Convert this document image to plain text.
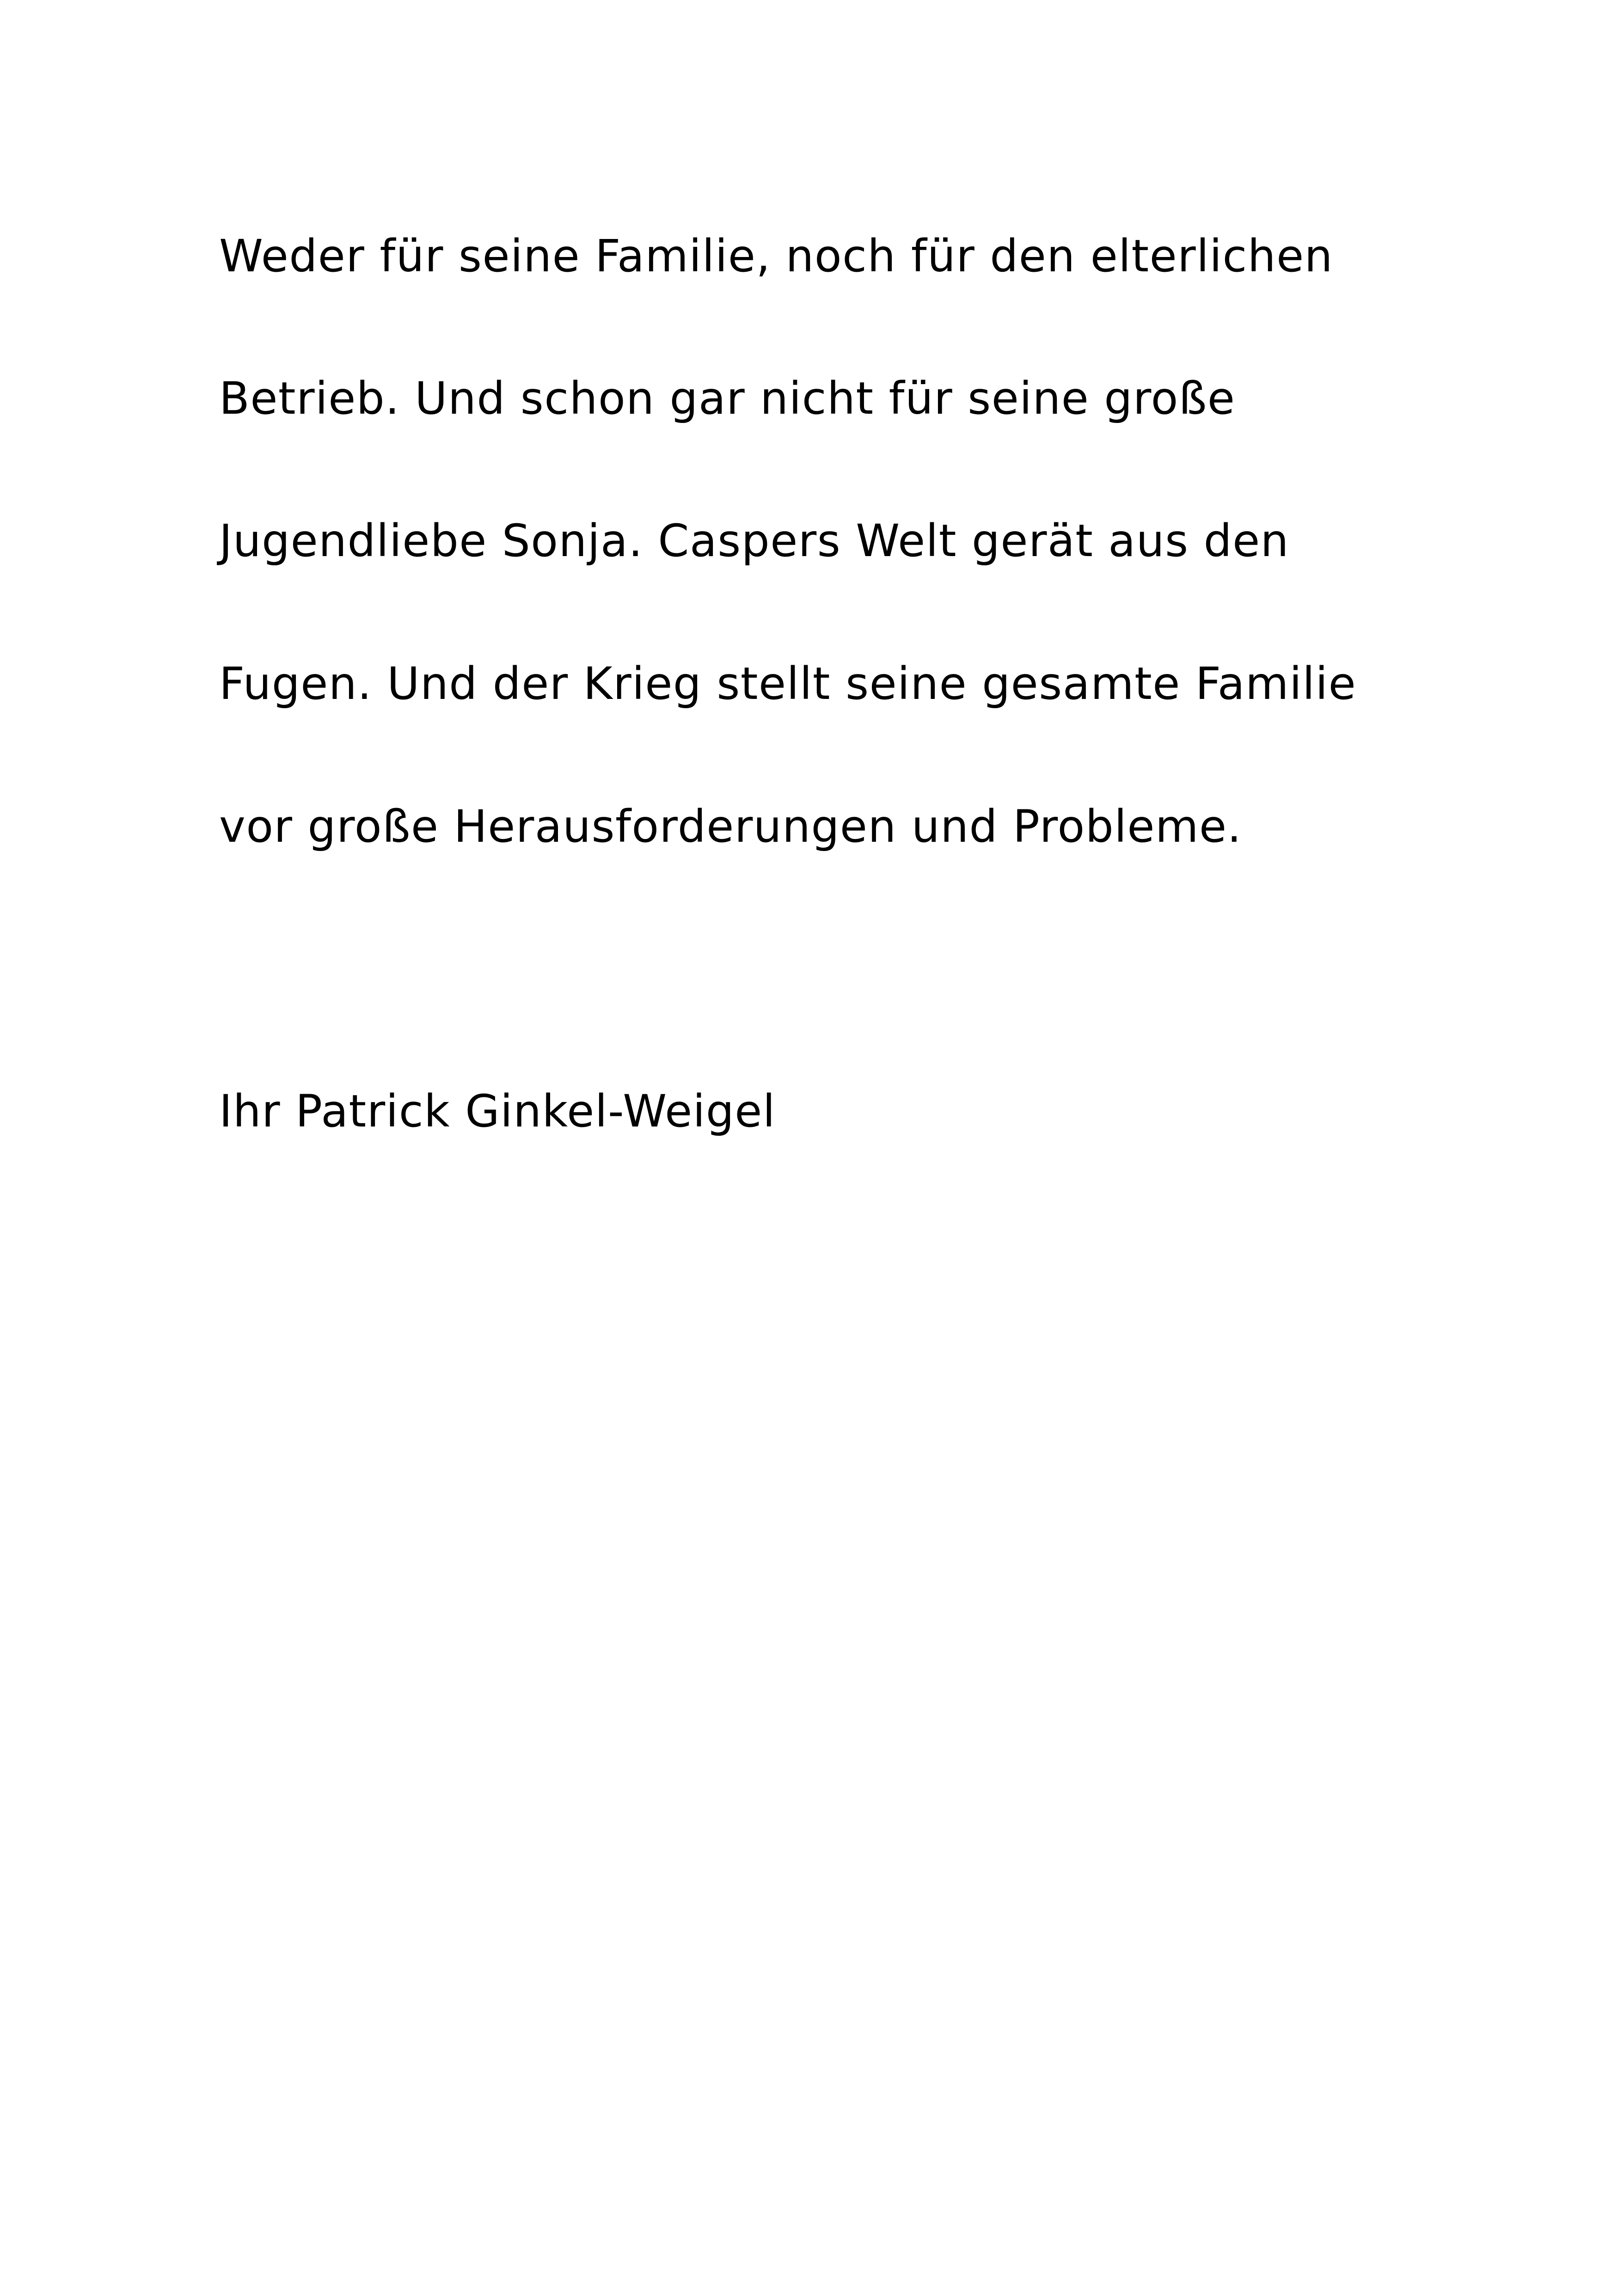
Weder für seine Familie, noch für den elterlichen
Betrieb. Und schon gar nicht für seine große
Jugendliebe Sonja. Caspers Welt gerät aus den
Fugen. Und der Krieg stellt seine gesamte Familie
vor große Herausforderungen und Probleme.
Ihr Patrick Ginkel-Weigel
